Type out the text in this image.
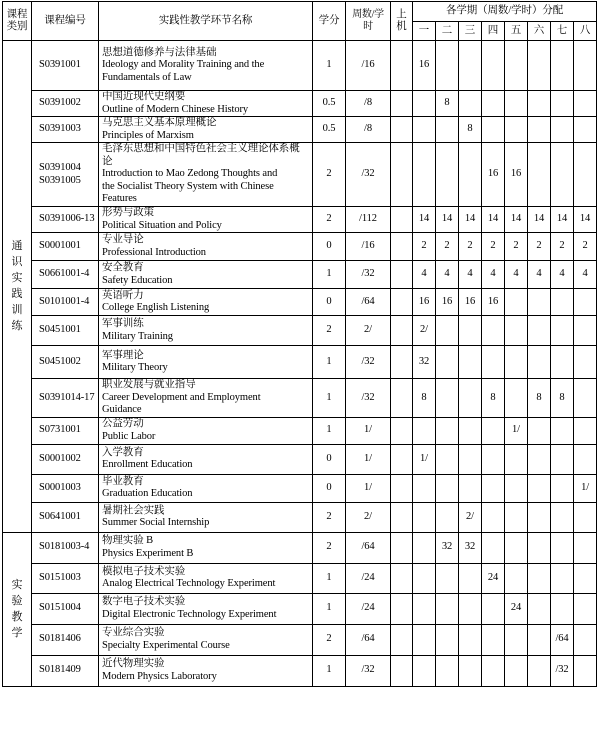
课程类别	课程编号	实践性教学环节名称	学分	周数/学时	上机	各学期（周数/学时）分配							
						一	二	三	四	五	六	七	八

通识实践训练	S0391001	思想道德修养与法律基础
Ideology and Morality Training and the
Fundamentals of Law	1	/16		16							
	S0391002	中国近现代史纲要
Outline of Modern Chinese History	0.5	/8			8						
	S0391003	马克思主义基本原理概论
Principles of Marxism	0.5	/8				8					
	S0391004 S0391005	毛泽东思想和中国特色社会主义理论体系概论
Introduction to Mao Zedong Thoughts and
the Socialist Theory System with Chinese
Features	2	/32					16	16			
	S0391006-13	形势与政策
Political Situation and Policy	2	/112		14	14	14	14	14	14	14	14
	S0001001	专业导论
Professional Introduction	0	/16		2	2	2	2	2	2	2	2
	S0661001-4	安全教育
Safety Education	1	/32		4	4	4	4	4	4	4	4
	S0101001-4	英语听力
College English Listening	0	/64		16	16	16	16				
	S0451001	军事训练
Military Training	2	2/		2/							
	S0451002	军事理论
Military Theory	1	/32		32							
	S0391014-17	职业发展与就业指导
Career Development and Employment
Guidance	1	/32		8			8		8	8	
	S0731001	公益劳动
Public Labor	1	1/						1/			
	S0001002	入学教育
Enrollment Education	0	1/		1/							
	S0001003	毕业教育
Graduation Education	0	1/									1/
	S0641001	暑期社会实践
Summer Social Internship	2	2/				2/					

实验教学	S0181003-4	物理实验 B
Physics Experiment B	2	/64			32	32					
	S0151003	模拟电子技术实验
Analog Electrical Technology Experiment	1	/24					24				
	S0151004	数字电子技术实验
Digital Electronic Technology Experiment	1	/24						24			
	S0181406	专业综合实验
Specialty Experimental Course	2	/64								/64	
	S0181409	近代物理实验
Modern Physics Laboratory	1	/32								/32	
